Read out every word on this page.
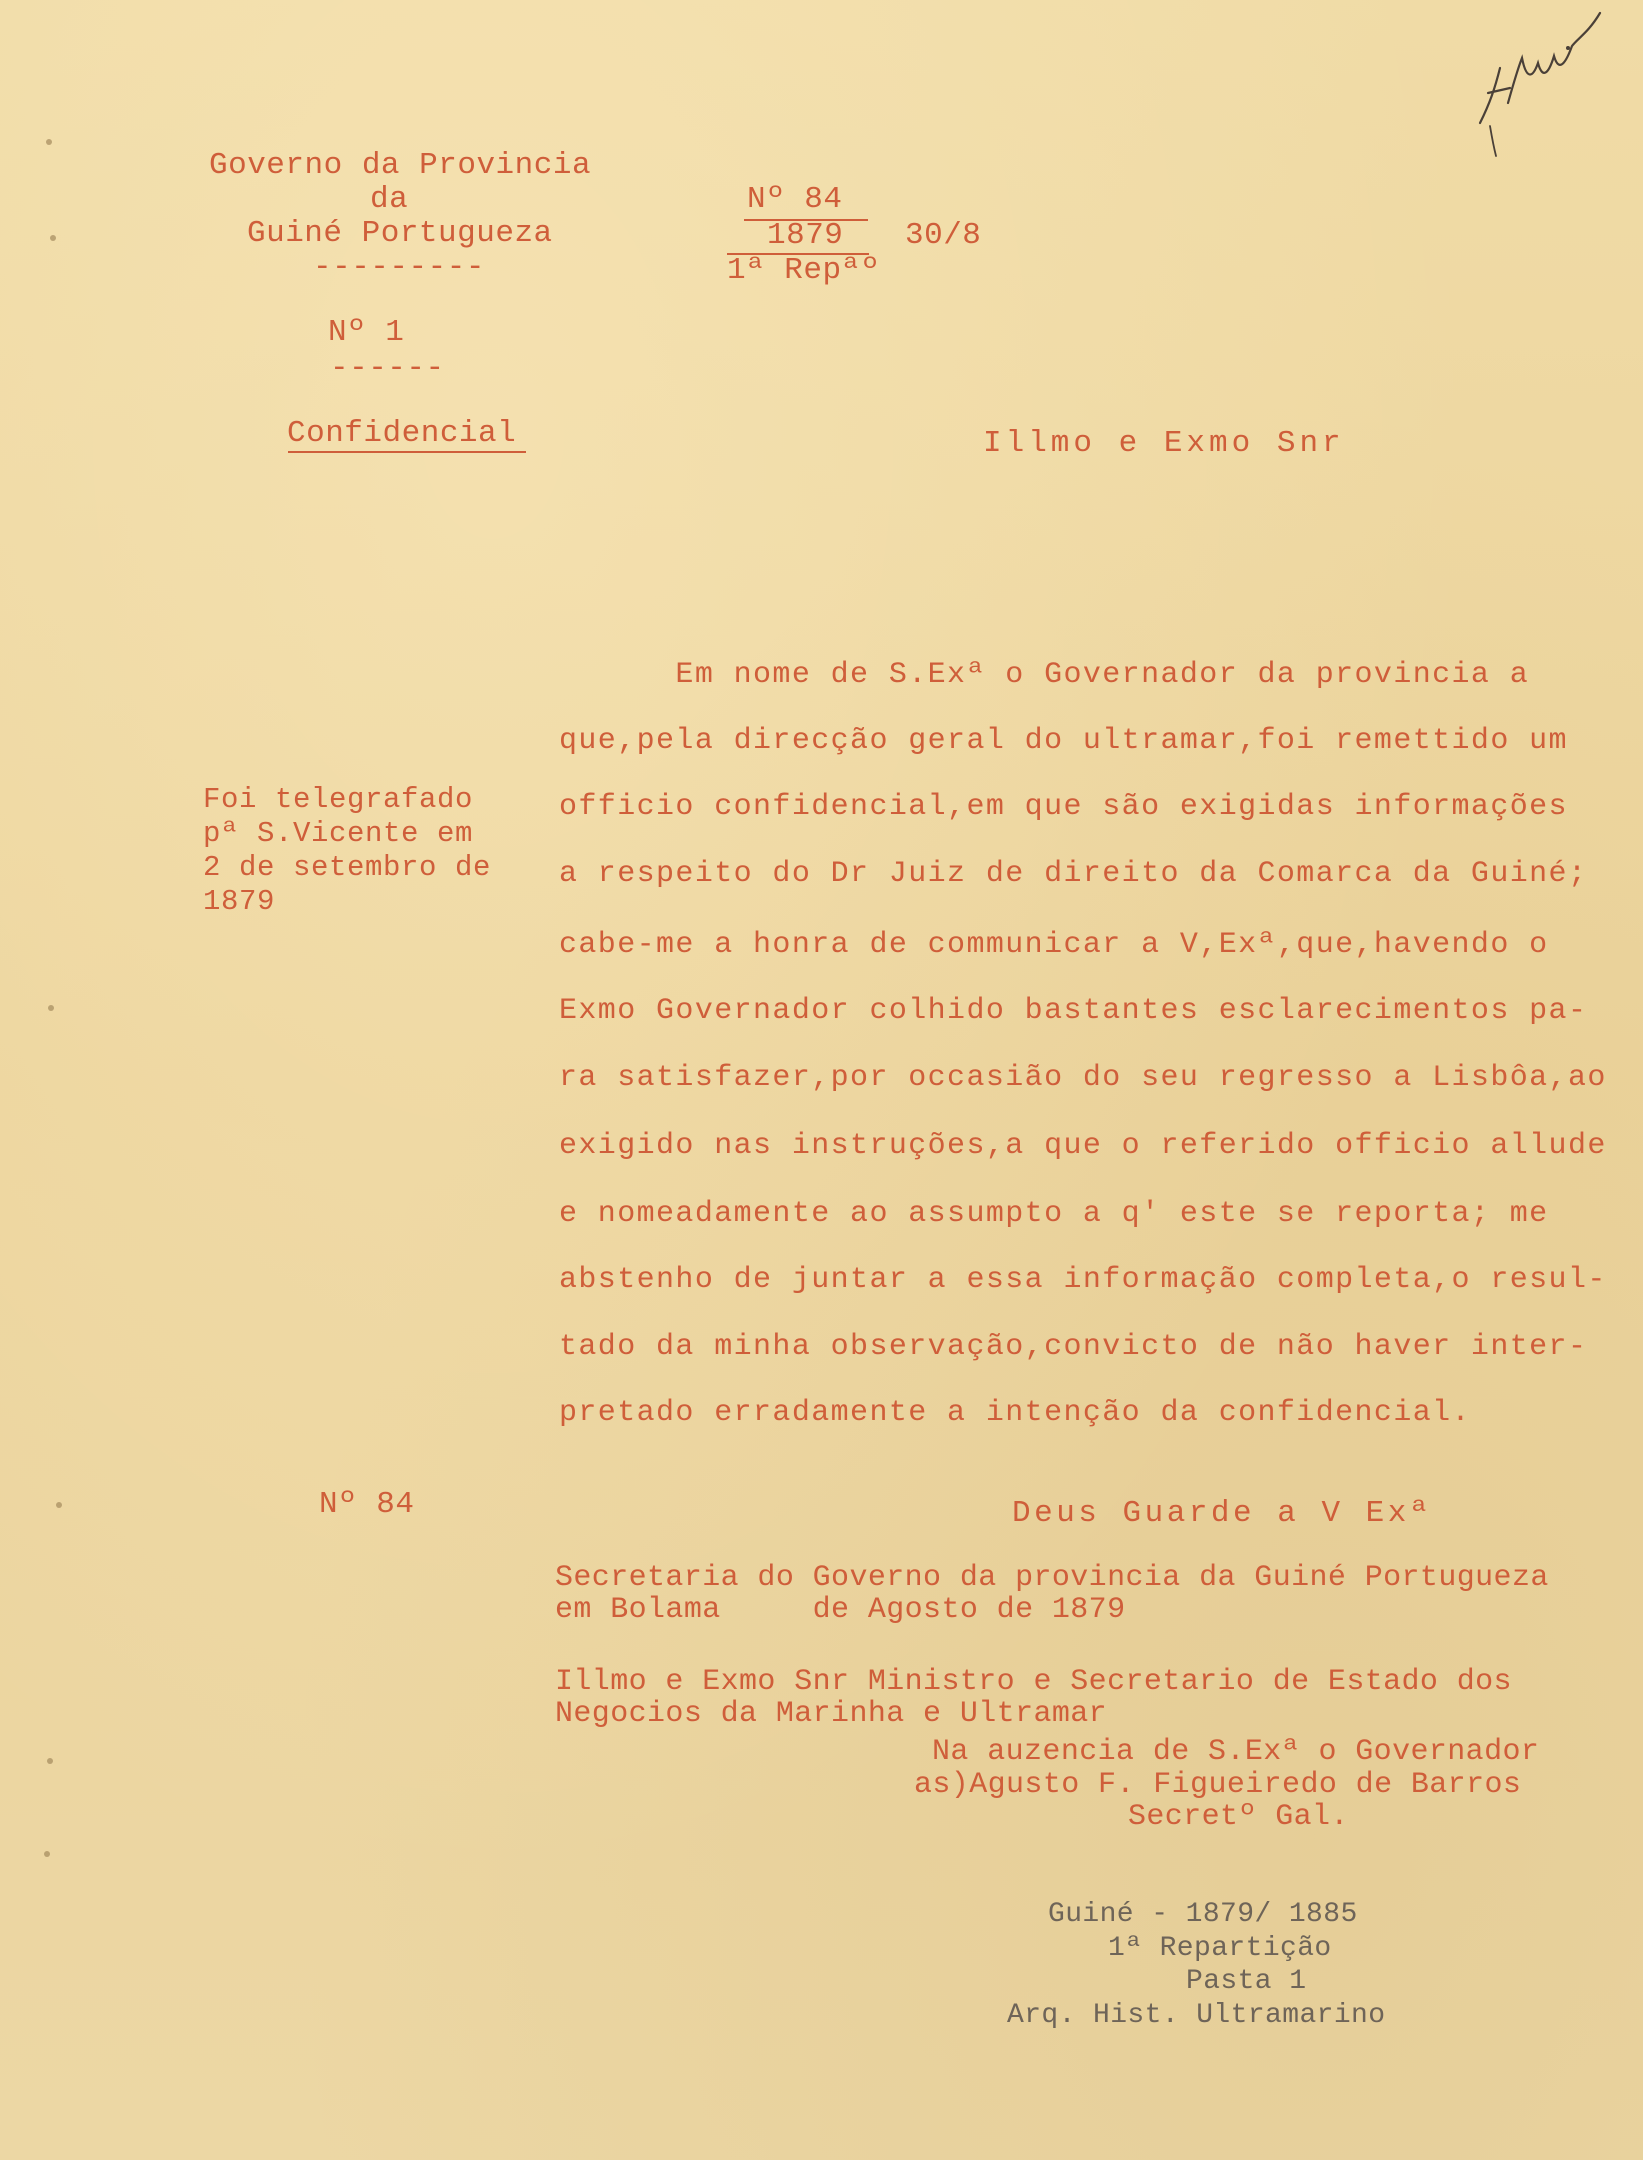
Governo da Provincia
da
Guiné Portugueza
---------
Nº 1
------
Confidencial
Nº 84
1879
1ª Repªº
30/8
Illmo e Exmo Snr
Foi telegrafado
pª S.Vicente em
2 de setembro de
1879
Em nome de S.Exª o Governador da provincia a
que,pela direcção geral do ultramar,foi remettido um
officio confidencial,em que são exigidas informações
a respeito do Dr Juiz de direito da Comarca da Guiné;
cabe-me a honra de communicar a V,Exª,que,havendo o
Exmo Governador colhido bastantes esclarecimentos pa-
ra satisfazer,por occasião do seu regresso a Lisbôa,ao
exigido nas instruções,a que o referido officio allude
e nomeadamente ao assumpto a q' este se reporta; me
abstenho de juntar a essa informação completa,o resul-
tado da minha observação,convicto de não haver inter-
pretado erradamente a intenção da confidencial.
Nº 84	Deus Guarde a V Exª
Secretaria do Governo da provincia da Guiné Portugueza
em Bolama     de Agosto de 1879
Illmo e Exmo Snr Ministro e Secretario de Estado dos
Negocios da Marinha e Ultramar
Na auzencia de S.Exª o Governador
as)Agusto F. Figueiredo de Barros
Secretº Gal.
Guiné - 1879/ 1885
1ª Repartição
Pasta 1
Arq. Hist. Ultramarino
